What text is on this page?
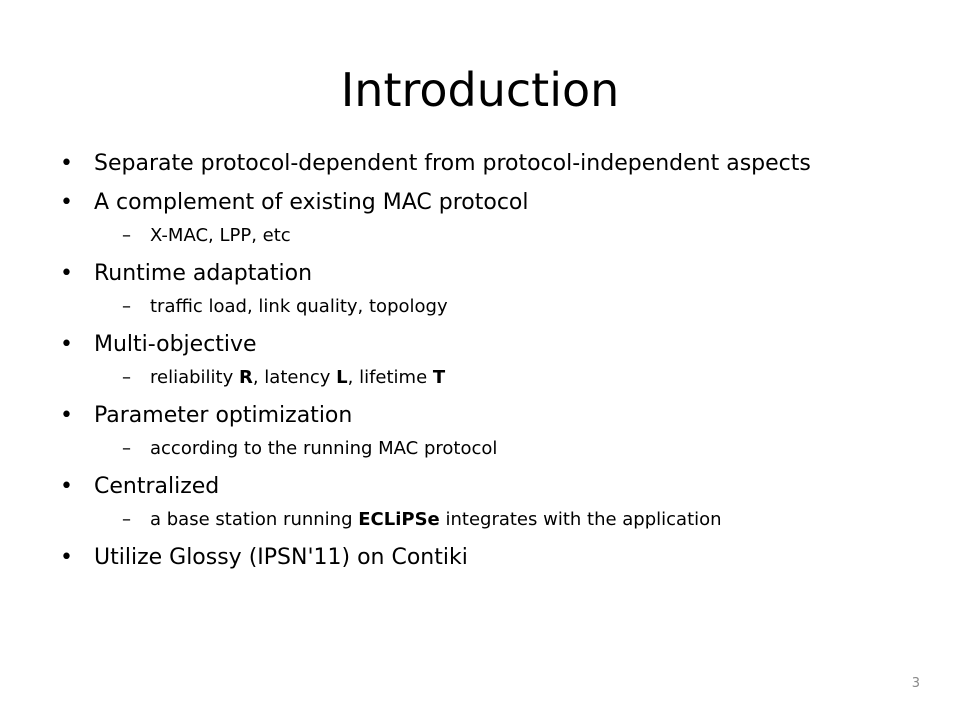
Introduction
• Separate protocol-dependent from protocol-independent aspects
• A complement of existing MAC protocol
– X-MAC, LPP, etc
• Runtime adaptation
– traffic load, link quality, topology
• Multi-objective
– reliability R, latency L, lifetime T
• Parameter optimization
– according to the running MAC protocol
• Centralized
– a base station running ECLiPSe integrates with the application
• Utilize Glossy (IPSN'11) on Contiki
3
